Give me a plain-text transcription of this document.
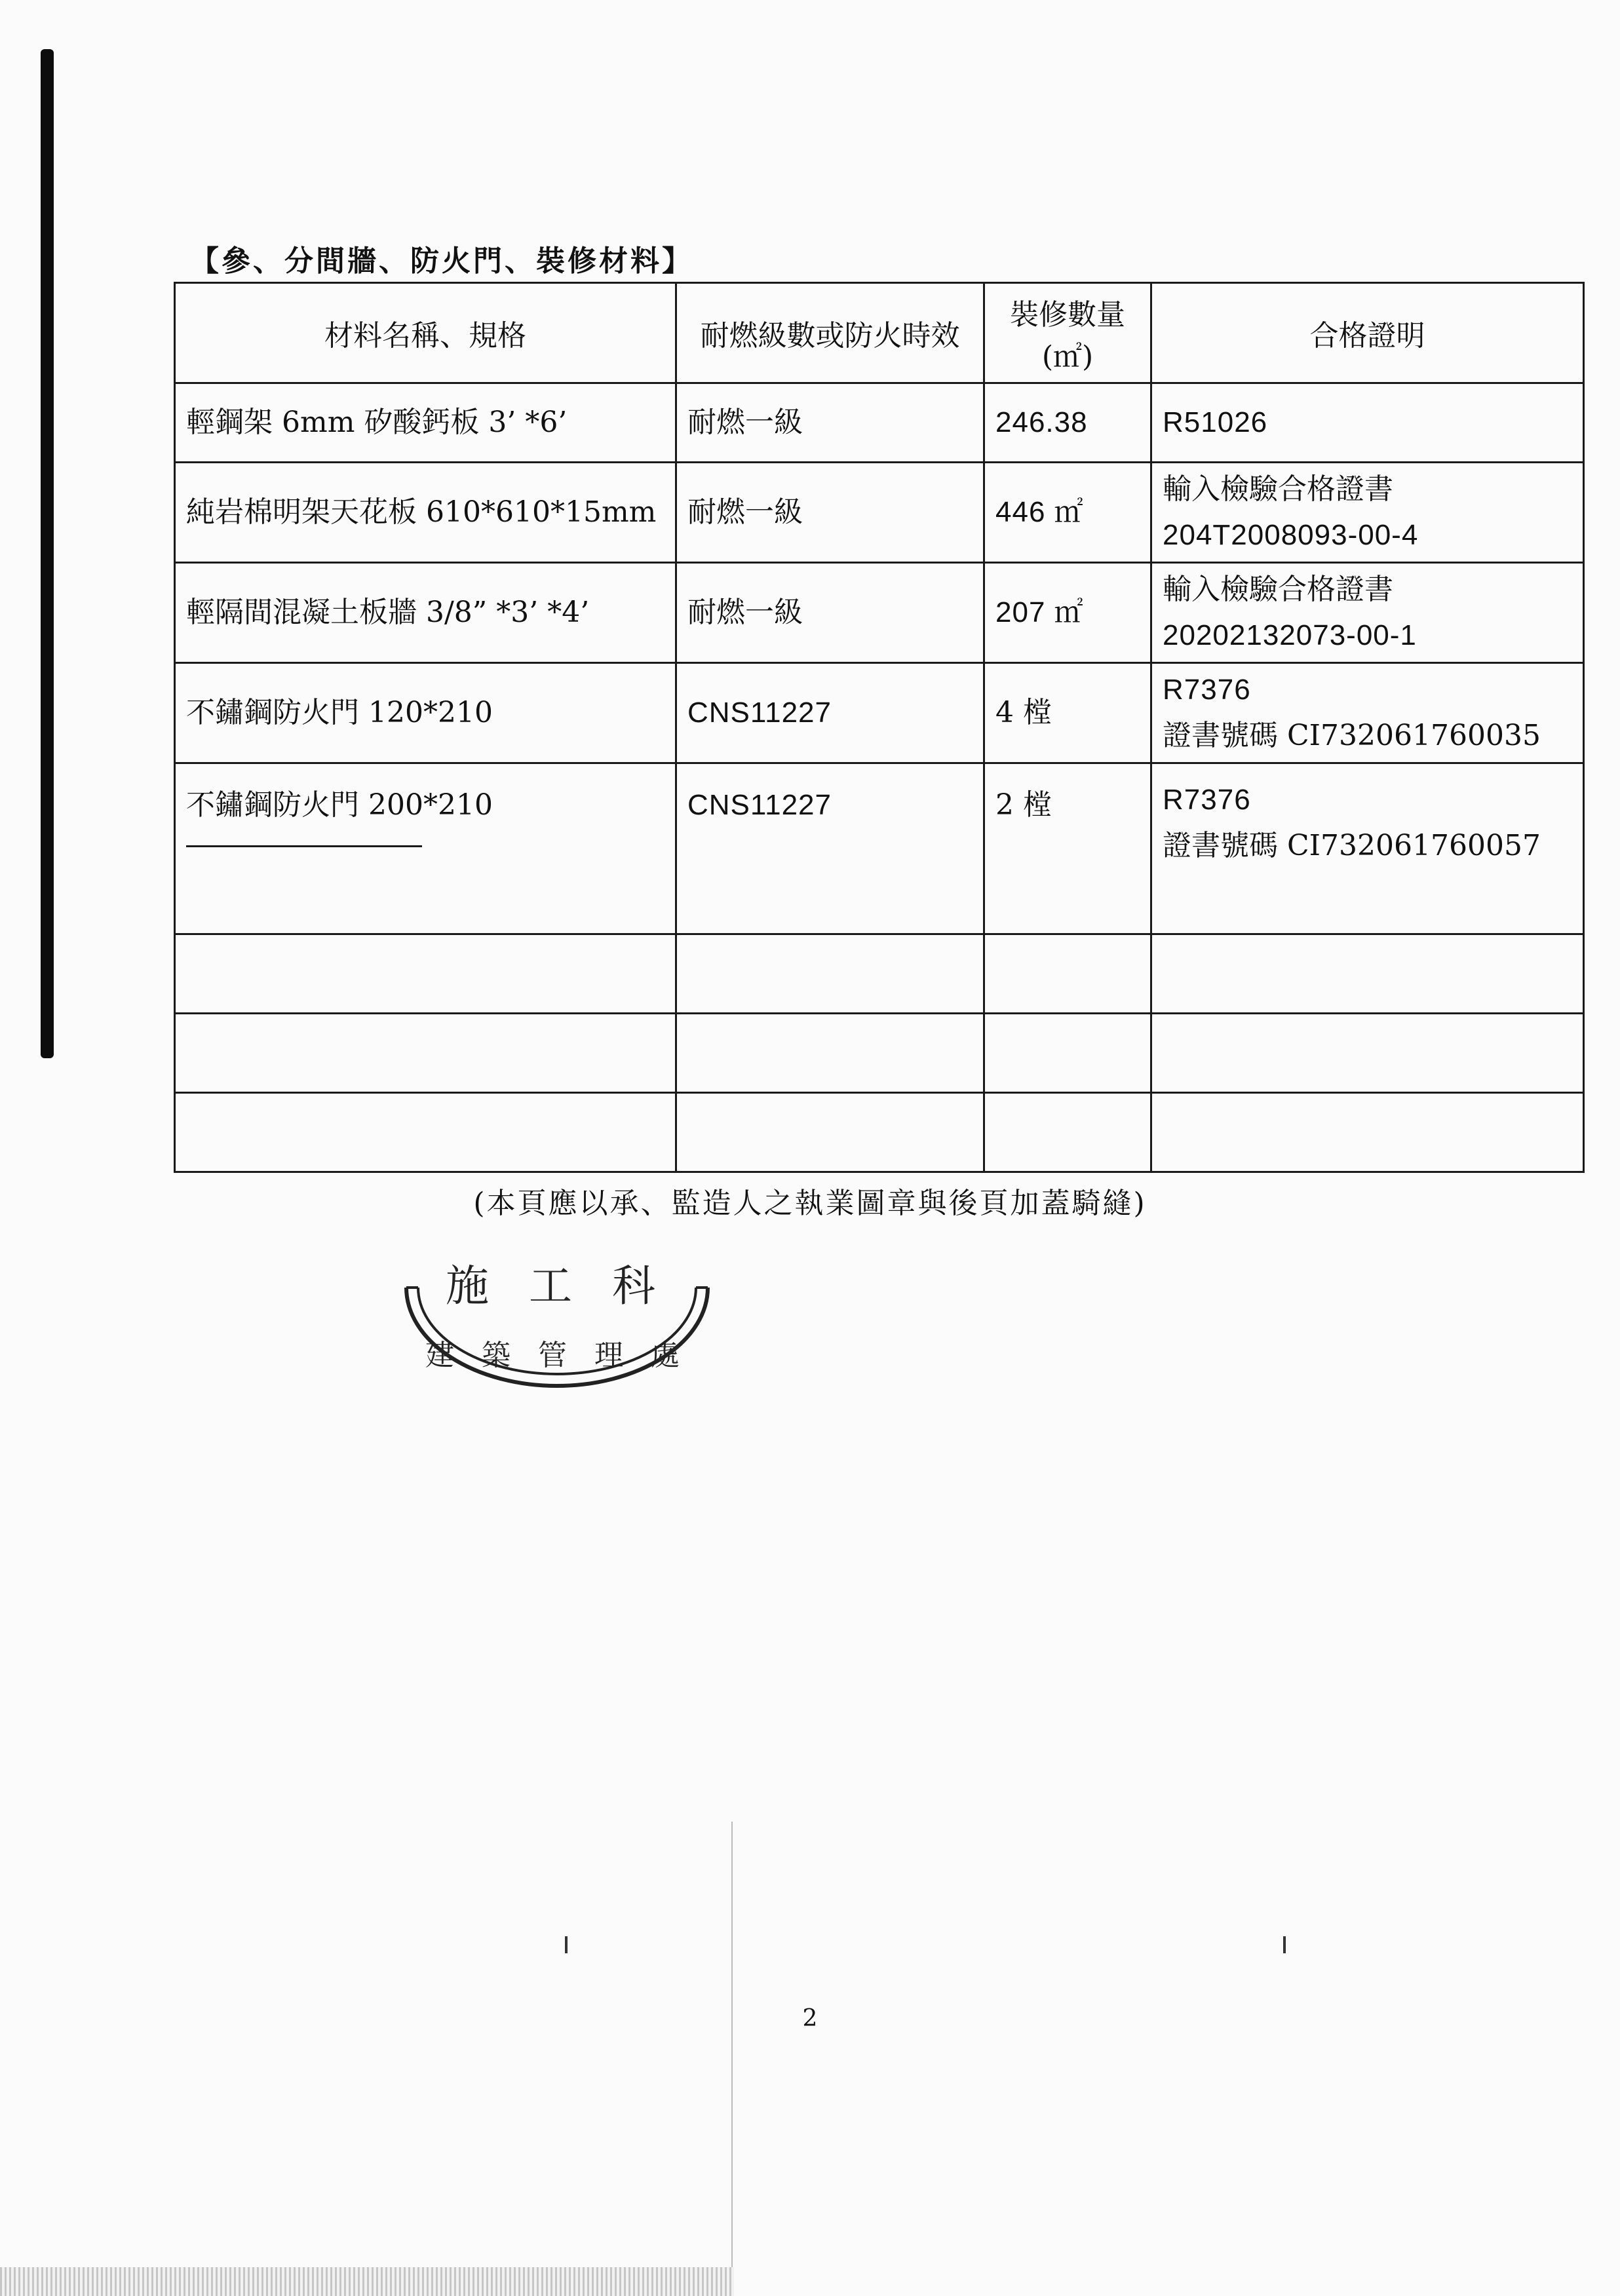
【參、分間牆、防火門、裝修材料】
材料名稱、規格	耐燃級數或防火時效	裝修數量
(㎡)	合格證明
輕鋼架 6mm 矽酸鈣板 3’ *6’	耐燃一級	246.38	R51026

純岩棉明架天花板 610*610*15mm	耐燃一級	446 ㎡	輸入檢驗合格證書
204T2008093-00-4

輕隔間混凝土板牆 3/8” *3’ *4’	耐燃一級	207 ㎡	輸入檢驗合格證書
20202132073-00-1

不鏽鋼防火門 120*210	CNS11227	4 樘	R7376
證書號碼 CI732061760035

不鏽鋼防火門 200*210	CNS11227	2 樘	R7376
證書號碼 CI732061760057

(本頁應以承、監造人之執業圖章與後頁加蓋騎縫)
施 工 科
建 築 管 理 處
2
